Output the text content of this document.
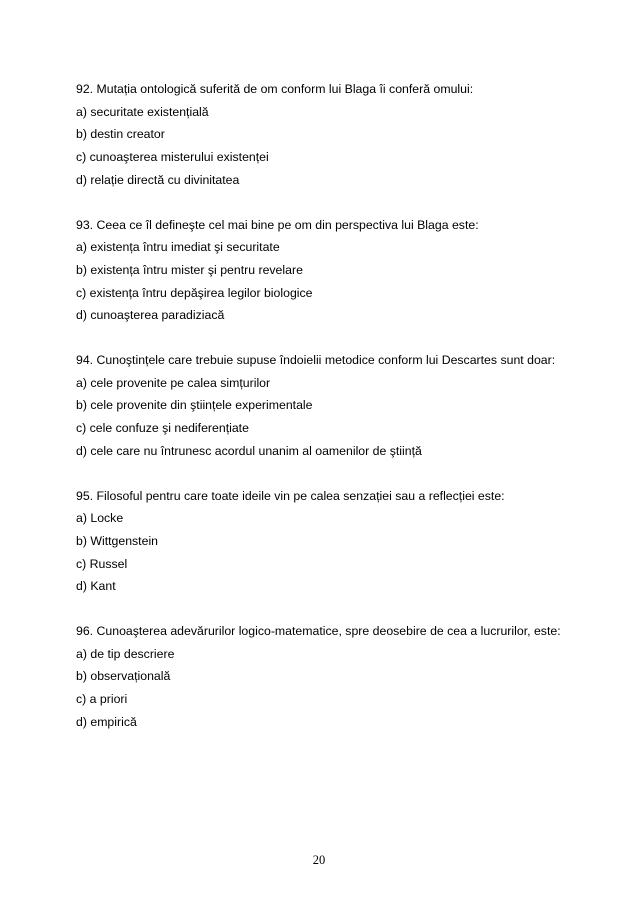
92. Mutația ontologică suferită de om conform lui Blaga îi conferă omului:
a) securitate existențială
b) destin creator
c) cunoaşterea misterului existenței
d) relație directă cu divinitatea
93. Ceea ce îl defineşte cel mai bine pe om din perspectiva lui Blaga este:
a) existența întru imediat şi securitate
b) existența întru mister şi pentru revelare
c) existența întru depăşirea legilor biologice
d) cunoaşterea paradiziacă
94. Cunoştințele care trebuie supuse îndoielii metodice conform lui Descartes sunt doar:
a) cele provenite pe calea simțurilor
b) cele provenite din ştiințele experimentale
c) cele confuze şi nediferențiate
d) cele care nu întrunesc acordul unanim al oamenilor de ştiință
95. Filosoful pentru care toate ideile vin pe calea senzației sau a reflecției este:
a) Locke
b) Wittgenstein
c) Russel
d) Kant
96. Cunoaşterea adevărurilor logico-matematice, spre deosebire de cea a lucrurilor, este:
a) de tip descriere
b) observațională
c) a priori
d) empirică
20
